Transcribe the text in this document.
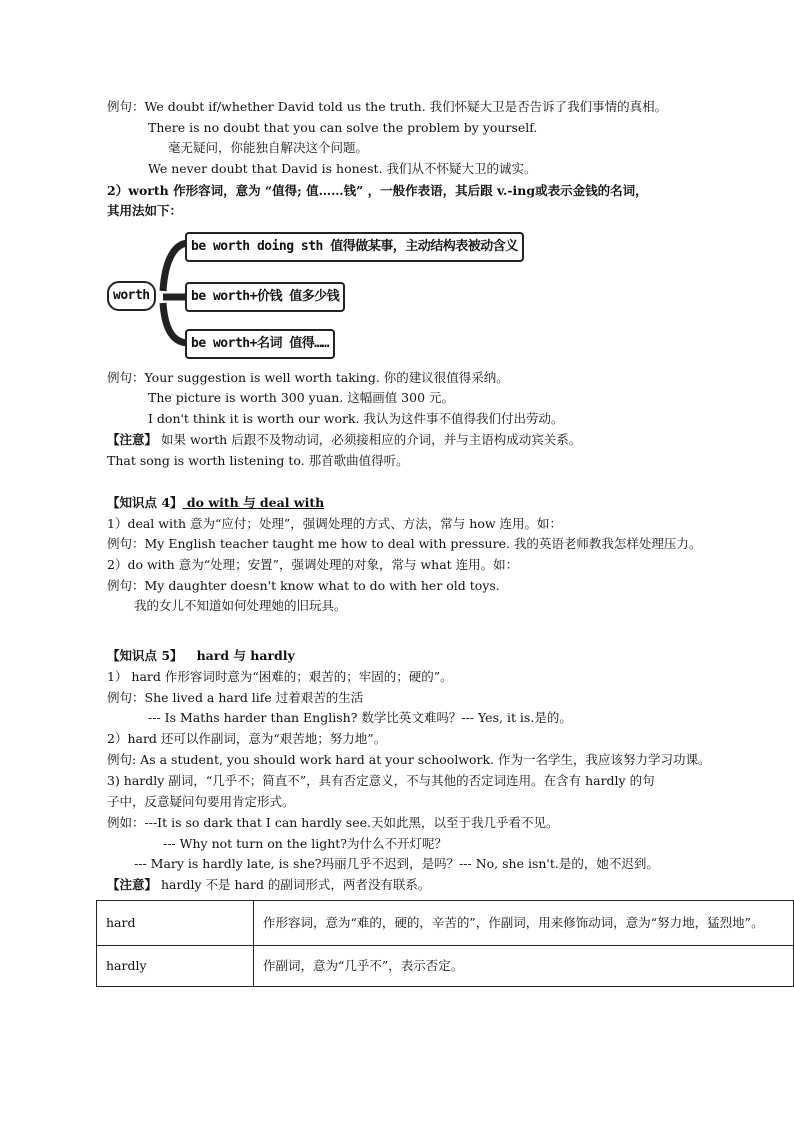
例句：We doubt if/whether David told us the truth. 我们怀疑大卫是否告诉了我们事情的真相。
There is no doubt that you can solve the problem by yourself.
毫无疑问，你能独自解决这个问题。
We never doubt that David is honest. 我们从不怀疑大卫的诚实。
2）worth 作形容词，意为 “值得; 值……钱” ，一般作表语，其后跟 v.-ing或表示金钱的名词，
其用法如下：
worth
be worth doing sth 值得做某事，主动结构表被动含义
be worth+价钱 值多少钱
be worth+名词 值得……
例句：Your suggestion is well worth taking. 你的建议很值得采纳。
The picture is worth 300 yuan. 这幅画值 300 元。
I don't think it is worth our work. 我认为这件事不值得我们付出劳动。
【注意】 如果 worth 后跟不及物动词，必须接相应的介词，并与主语构成动宾关系。
That song is worth listening to. 那首歌曲值得听。
【知识点 4】 do with 与 deal with
1）deal with 意为“应付；处理”，强调处理的方式、方法，常与 how 连用。如：
例句：My English teacher taught me how to deal with pressure. 我的英语老师教我怎样处理压力。
2）do with 意为“处理；安置”，强调处理的对象，常与 what 连用。如：
例句：My daughter doesn't know what to do with her old toys.
我的女儿不知道如何处理她的旧玩具。
【知识点 5】 hard 与 hardly
1） hard 作形容词时意为“困难的；艰苦的；牢固的；硬的”。
例句：She lived a hard life 过着艰苦的生活
--- Is Maths harder than English? 数学比英文难吗？--- Yes, it is.是的。
2）hard 还可以作副词，意为“艰苦地；努力地”。
例句: As a student, you should work hard at your schoolwork. 作为一名学生，我应该努力学习功课。
3) hardly 副词，“几乎不；简直不”，具有否定意义，不与其他的否定词连用。在含有 hardly 的句
子中，反意疑问句要用肯定形式。
例如：---It is so dark that I can hardly see.天如此黑，以至于我几乎看不见。
--- Why not turn on the light?为什么不开灯呢？
--- Mary is hardly late, is she?玛丽几乎不迟到，是吗？--- No, she isn't.是的，她不迟到。
【注意】 hardly 不是 hard 的副词形式，两者没有联系。
hard	作形容词，意为“难的，硬的，辛苦的”，作副词，用来修饰动词，意为“努力地，猛烈地”。
hardly	作副词，意为“几乎不”，表示否定。
